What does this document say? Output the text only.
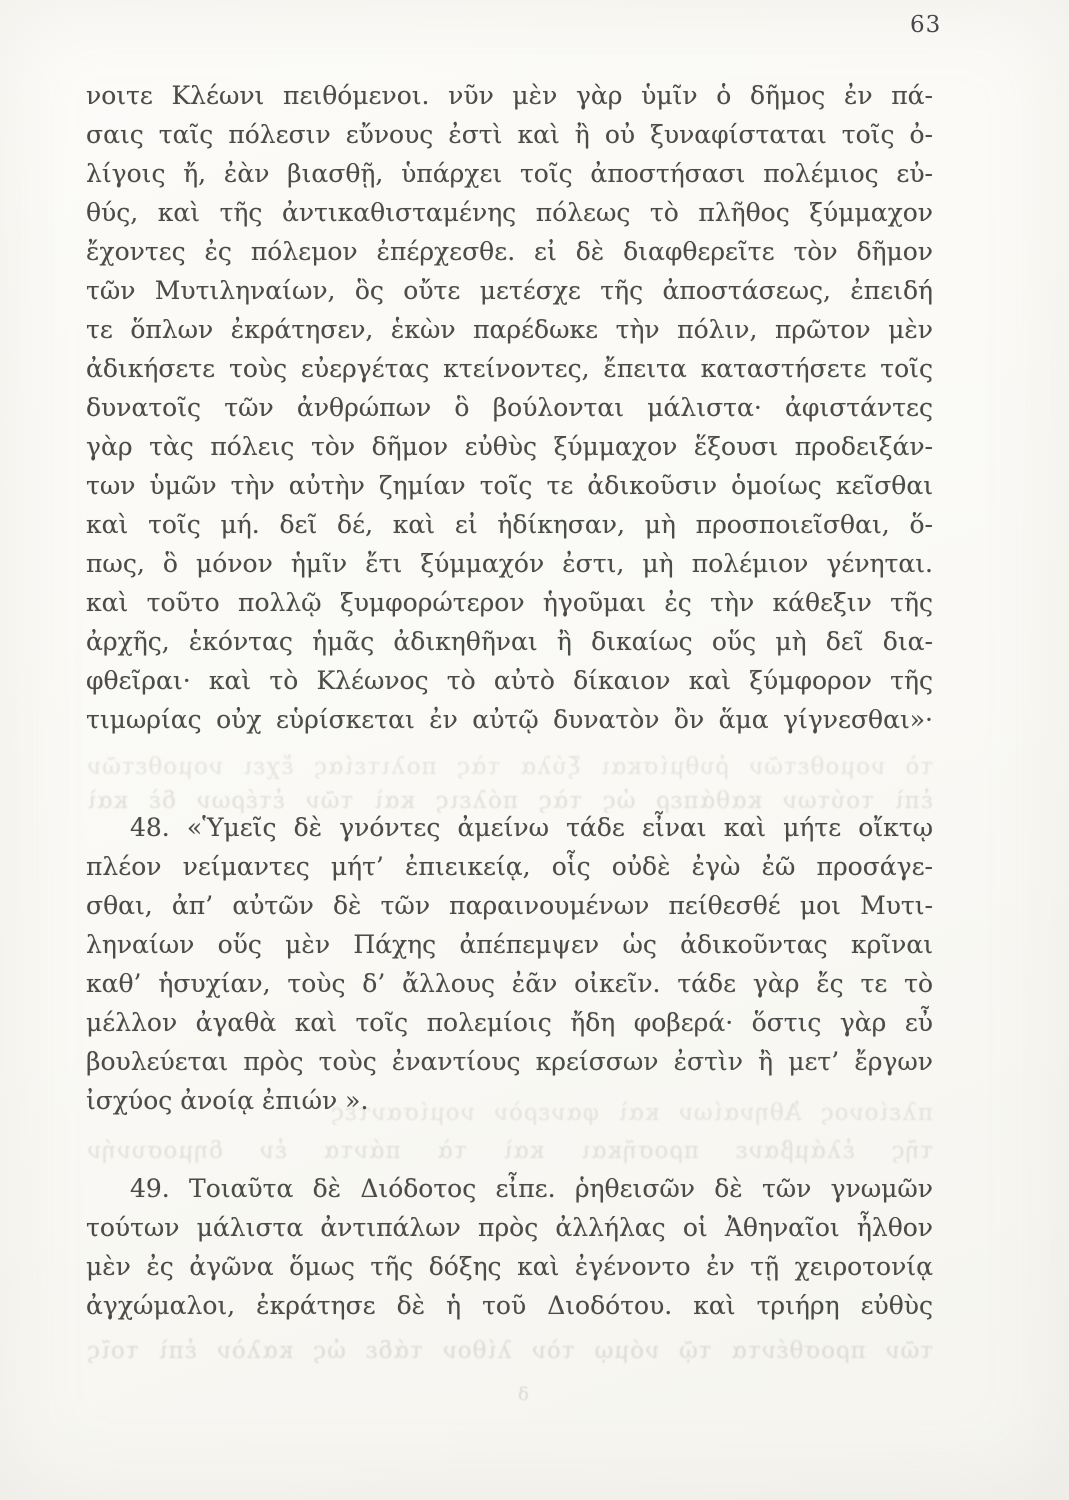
63
τὸ νομοθετῶν ῥυθμίσκαι ξύλα τὰς πολιτείας ἔχει νομοθετῶν
ἐπὶ τούτων καθάπερ ὡς τὰς πόλεις καὶ τῶν ἑτέρων δὲ καὶ
πλείονος Ἀθηναίων καὶ φανερὸν νομίσαντες
τῆς ἐλάμβανε προσῆκαι καὶ τὰ πάντα ἐν δημοσυνήν
τῶν προσθέντα τῷ νόμῳ τὸν λίθον τάδε ὡς καλὸν ἐπὶ τοῖς
δ
νοιτε Κλέωνι πειθόμενοι. νῦν μὲν γὰρ ὑμῖν ὁ δῆμος ἐν πά-
σαις ταῖς πόλεσιν εὔνους ἐστὶ καὶ ἢ οὐ ξυναφίσταται τοῖς ὀ-
λίγοις ἤ, ἐὰν βιασθῇ, ὑπάρχει τοῖς ἀποστήσασι πολέμιος εὐ-
θύς, καὶ τῆς ἀντικαθισταμένης πόλεως τὸ πλῆθος ξύμμαχον
ἔχοντες ἐς πόλεμον ἐπέρχεσθε. εἰ δὲ διαφθερεῖτε τὸν δῆμον
τῶν Μυτιληναίων, ὃς οὔτε μετέσχε τῆς ἀποστάσεως, ἐπειδή
τε ὅπλων ἐκράτησεν, ἑκὼν παρέδωκε τὴν πόλιν, πρῶτον μὲν
ἀδικήσετε τοὺς εὐεργέτας κτείνοντες, ἔπειτα καταστήσετε τοῖς
δυνατοῖς τῶν ἀνθρώπων ὃ βούλονται μάλιστα· ἀφιστάντες
γὰρ τὰς πόλεις τὸν δῆμον εὐθὺς ξύμμαχον ἕξουσι προδειξάν-
των ὑμῶν τὴν αὐτὴν ζημίαν τοῖς τε ἀδικοῦσιν ὁμοίως κεῖσθαι
καὶ τοῖς μή. δεῖ δέ, καὶ εἰ ἠδίκησαν, μὴ προσποιεῖσθαι, ὅ-
πως, ὃ μόνον ἡμῖν ἔτι ξύμμαχόν ἐστι, μὴ πολέμιον γένηται.
καὶ τοῦτο πολλῷ ξυμφορώτερον ἡγοῦμαι ἐς τὴν κάθεξιν τῆς
ἀρχῆς, ἑκόντας ἡμᾶς ἀδικηθῆναι ἢ δικαίως οὕς μὴ δεῖ δια-
φθεῖραι· καὶ τὸ Κλέωνος τὸ αὐτὸ δίκαιον καὶ ξύμφορον τῆς
τιμωρίας οὐχ εὑρίσκεται ἐν αὐτῷ δυνατὸν ὂν ἅμα γίγνεσθαι»·
48. «Ὑμεῖς δὲ γνόντες ἀμείνω τάδε εἶναι καὶ μήτε οἴκτῳ
πλέον νείμαντες μήτ’ ἐπιεικείᾳ, οἷς οὐδὲ ἐγὼ ἐῶ προσάγε-
σθαι, ἀπ’ αὐτῶν δὲ τῶν παραινουμένων πείθεσθέ μοι Μυτι-
ληναίων οὕς μὲν Πάχης ἀπέπεμψεν ὡς ἀδικοῦντας κρῖναι
καθ’ ἡσυχίαν, τοὺς δ’ ἄλλους ἐᾶν οἰκεῖν. τάδε γὰρ ἔς τε τὸ
μέλλον ἀγαθὰ καὶ τοῖς πολεμίοις ἤδη φοβερά· ὅστις γὰρ εὖ
βουλεύεται πρὸς τοὺς ἐναντίους κρείσσων ἐστὶν ἢ μετ’ ἔργων
ἰσχύος ἀνοίᾳ ἐπιών ».
49. Τοιαῦτα δὲ Διόδοτος εἶπε. ῥηθεισῶν δὲ τῶν γνωμῶν
τούτων μάλιστα ἀντιπάλων πρὸς ἀλλήλας οἱ Ἀθηναῖοι ἦλθον
μὲν ἐς ἀγῶνα ὅμως τῆς δόξης καὶ ἐγένοντο ἐν τῇ χειροτονίᾳ
ἀγχώμαλοι, ἐκράτησε δὲ ἡ τοῦ Διοδότου. καὶ τριήρη εὐθὺς
